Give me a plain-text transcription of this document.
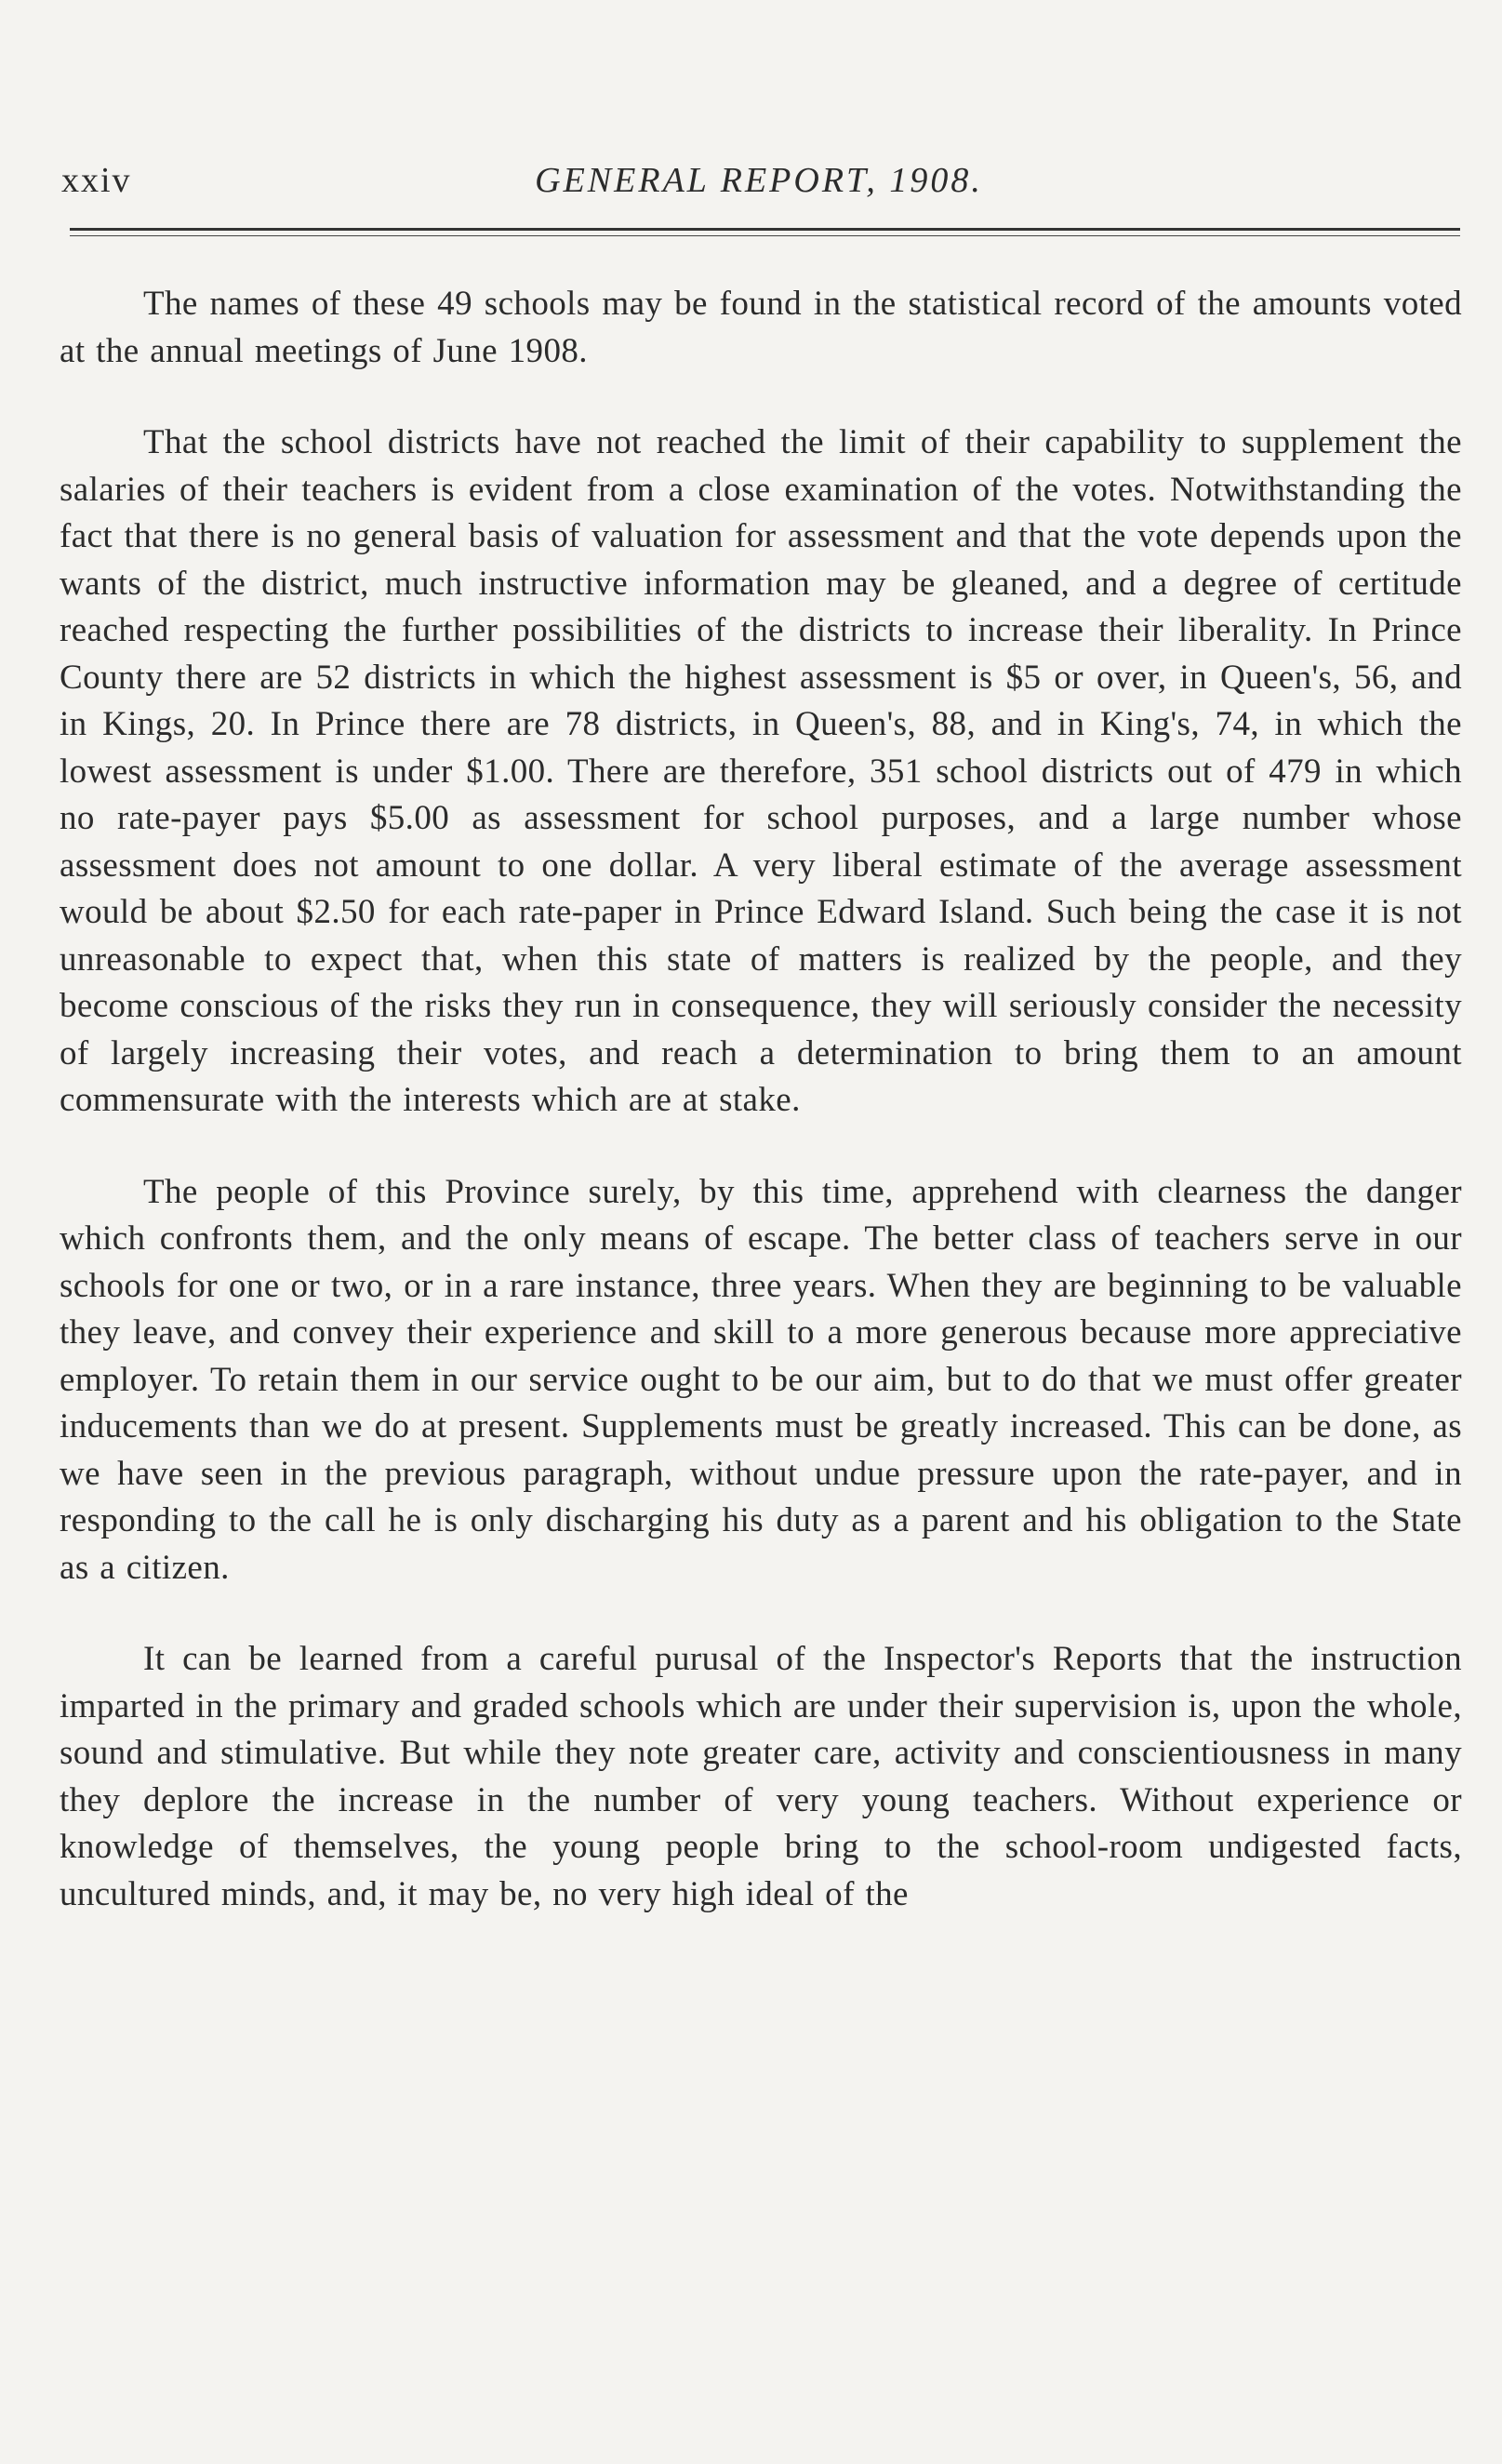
xxiv	GENERAL REPORT, 1908.

The names of these 49 schools may be found in the statistical record of the amounts voted at the annual meetings of June 1908.

That the school districts have not reached the limit of their capability to supplement the salaries of their teachers is evident from a close examination of the votes. Notwithstanding the fact that there is no general basis of valuation for assessment and that the vote depends upon the wants of the district, much instructive information may be gleaned, and a degree of certitude reached respecting the further possibilities of the districts to increase their liberality. In Prince County there are 52 districts in which the highest assessment is $5 or over, in Queen's, 56, and in Kings, 20. In Prince there are 78 districts, in Queen's, 88, and in King's, 74, in which the lowest assessment is under $1.00. There are therefore, 351 school districts out of 479 in which no rate-payer pays $5.00 as assessment for school purposes, and a large number whose assessment does not amount to one dollar. A very liberal estimate of the average assessment would be about $2.50 for each rate-paper in Prince Edward Island. Such being the case it is not unreasonable to expect that, when this state of matters is realized by the people, and they become conscious of the risks they run in consequence, they will seriously consider the necessity of largely increasing their votes, and reach a determination to bring them to an amount commensurate with the interests which are at stake.

The people of this Province surely, by this time, apprehend with clearness the danger which confronts them, and the only means of escape. The better class of teachers serve in our schools for one or two, or in a rare instance, three years. When they are beginning to be valuable they leave, and convey their experience and skill to a more generous because more appreciative employer. To retain them in our service ought to be our aim, but to do that we must offer greater inducements than we do at present. Supplements must be greatly increased. This can be done, as we have seen in the previous paragraph, without undue pressure upon the rate-payer, and in responding to the call he is only discharging his duty as a parent and his obligation to the State as a citizen.

It can be learned from a careful purusal of the Inspector's Reports that the instruction imparted in the primary and graded schools which are under their supervision is, upon the whole, sound and stimulative. But while they note greater care, activity and conscientiousness in many they deplore the increase in the number of very young teachers. Without experience or knowledge of themselves, the young people bring to the school-room undigested facts, uncultured minds, and, it may be, no very high ideal of the
